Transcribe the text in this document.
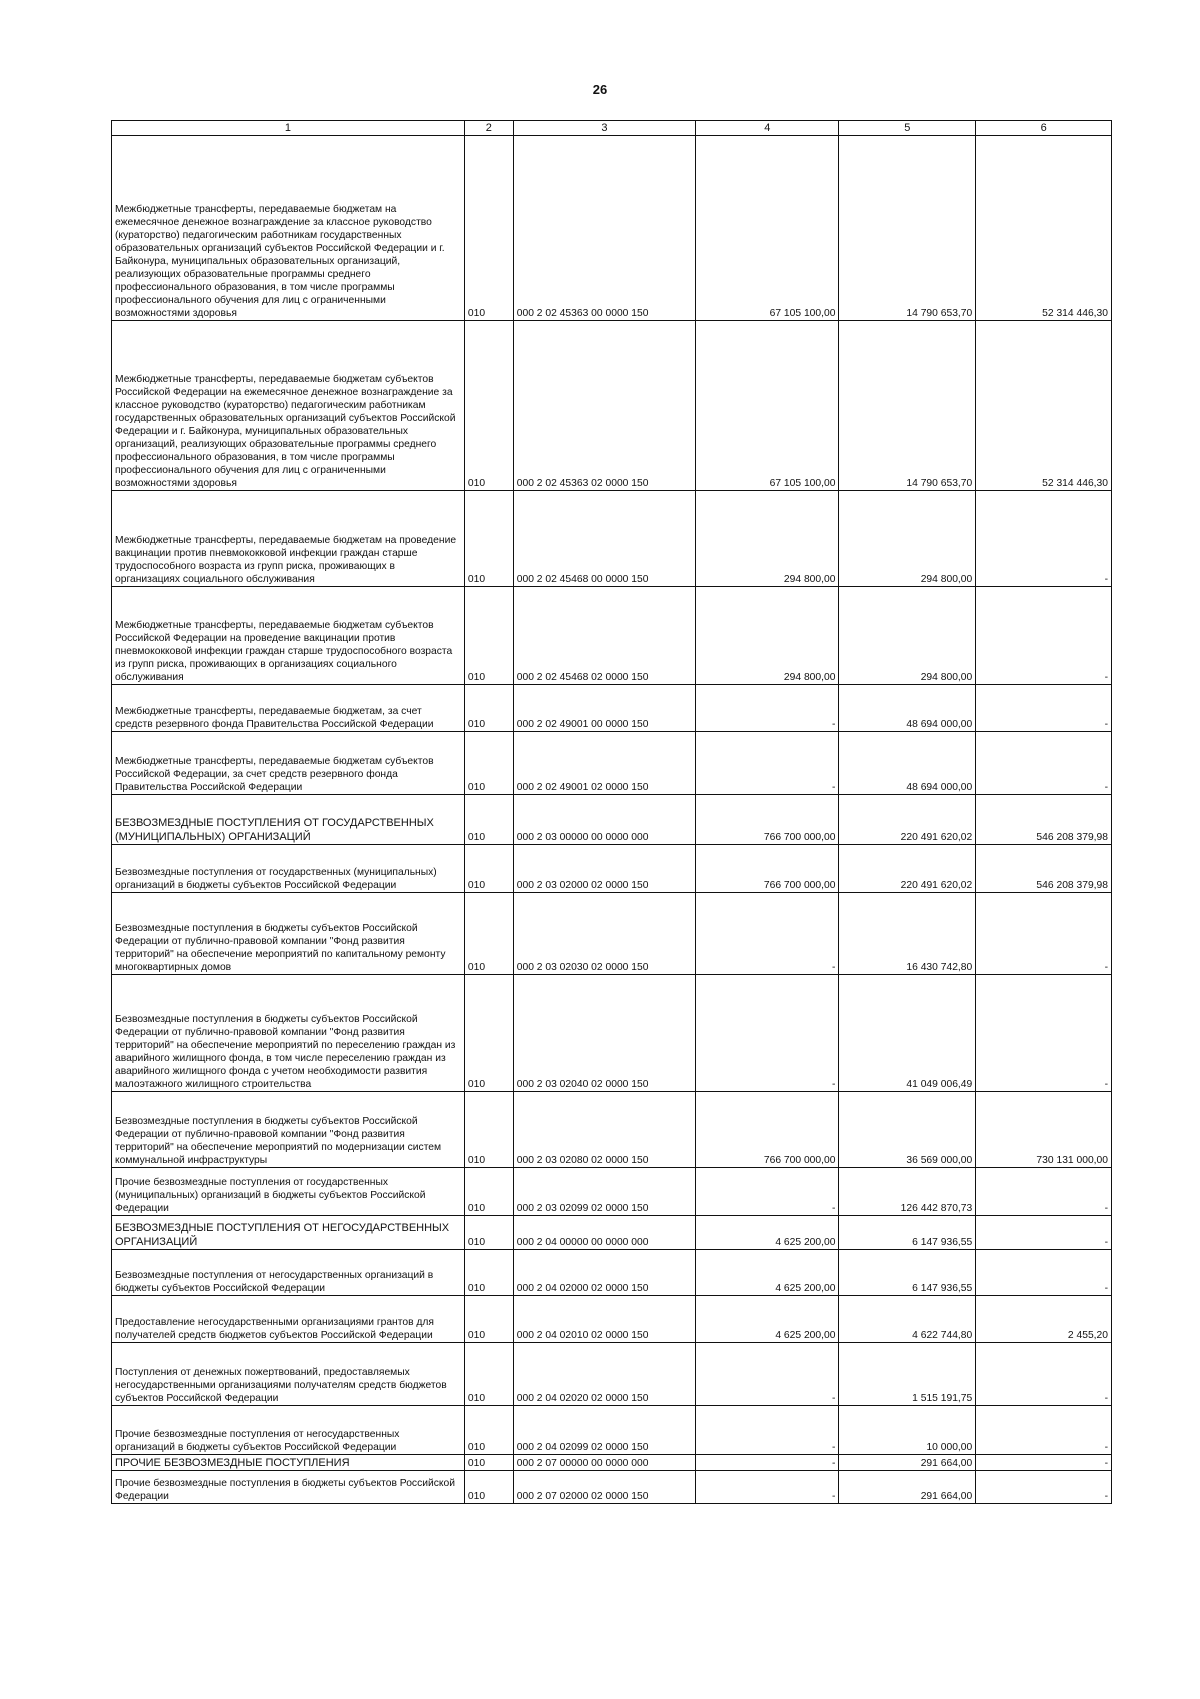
26
1	2	3	4	5	6
Межбюджетные трансферты, передаваемые бюджетам на ежемесячное денежное вознаграждение за классное руководство (кураторство) педагогическим работникам государственных образовательных организаций субъектов Российской Федерации и г. Байконура, муниципальных образовательных организаций, реализующих образовательные программы среднего профессионального образования, в том числе программы профессионального обучения для лиц с ограниченными возможностями здоровья	010	000 2 02 45363 00 0000 150	67 105 100,00	14 790 653,70	52 314 446,30
Межбюджетные трансферты, передаваемые бюджетам субъектов Российской Федерации на ежемесячное денежное вознаграждение за классное руководство (кураторство) педагогическим работникам государственных образовательных организаций субъектов Российской Федерации и г. Байконура, муниципальных образовательных организаций, реализующих образовательные программы среднего профессионального образования, в том числе программы профессионального обучения для лиц с ограниченными возможностями здоровья	010	000 2 02 45363 02 0000 150	67 105 100,00	14 790 653,70	52 314 446,30
Межбюджетные трансферты, передаваемые бюджетам на проведение вакцинации против пневмококковой инфекции граждан старше трудоспособного возраста из групп риска, проживающих в организациях социального обслуживания	010	000 2 02 45468 00 0000 150	294 800,00	294 800,00	-
Межбюджетные трансферты, передаваемые бюджетам субъектов Российской Федерации на проведение вакцинации против пневмококковой инфекции граждан старше трудоспособного возраста из групп риска, проживающих в организациях социального обслуживания	010	000 2 02 45468 02 0000 150	294 800,00	294 800,00	-
Межбюджетные трансферты, передаваемые бюджетам, за счет средств резервного фонда Правительства Российской Федерации	010	000 2 02 49001 00 0000 150	-	48 694 000,00	-
Межбюджетные трансферты, передаваемые бюджетам субъектов Российской Федерации, за счет средств резервного фонда Правительства Российской Федерации	010	000 2 02 49001 02 0000 150	-	48 694 000,00	-
БЕЗВОЗМЕЗДНЫЕ ПОСТУПЛЕНИЯ ОТ ГОСУДАРСТВЕННЫХ (МУНИЦИПАЛЬНЫХ) ОРГАНИЗАЦИЙ	010	000 2 03 00000 00 0000 000	766 700 000,00	220 491 620,02	546 208 379,98
Безвозмездные поступления от государственных (муниципальных) организаций в бюджеты субъектов Российской Федерации	010	000 2 03 02000 02 0000 150	766 700 000,00	220 491 620,02	546 208 379,98
Безвозмездные поступления в бюджеты субъектов Российской Федерации от публично-правовой компании "Фонд развития территорий" на обеспечение мероприятий по капитальному ремонту многоквартирных домов	010	000 2 03 02030 02 0000 150	-	16 430 742,80	-
Безвозмездные поступления в бюджеты субъектов Российской Федерации от публично-правовой компании "Фонд развития территорий" на обеспечение мероприятий по переселению граждан из аварийного жилищного фонда, в том числе переселению граждан из аварийного жилищного фонда с учетом необходимости развития малоэтажного жилищного строительства	010	000 2 03 02040 02 0000 150	-	41 049 006,49	-
Безвозмездные поступления в бюджеты субъектов Российской Федерации от публично-правовой компании "Фонд развития территорий" на обеспечение мероприятий по модернизации систем коммунальной инфраструктуры	010	000 2 03 02080 02 0000 150	766 700 000,00	36 569 000,00	730 131 000,00
Прочие безвозмездные поступления от государственных (муниципальных) организаций в бюджеты субъектов Российской Федерации	010	000 2 03 02099 02 0000 150	-	126 442 870,73	-
БЕЗВОЗМЕЗДНЫЕ ПОСТУПЛЕНИЯ ОТ НЕГОСУДАРСТВЕННЫХ ОРГАНИЗАЦИЙ	010	000 2 04 00000 00 0000 000	4 625 200,00	6 147 936,55	-
Безвозмездные поступления от негосударственных организаций в бюджеты субъектов Российской Федерации	010	000 2 04 02000 02 0000 150	4 625 200,00	6 147 936,55	-
Предоставление негосударственными организациями грантов для получателей средств бюджетов субъектов Российской Федерации	010	000 2 04 02010 02 0000 150	4 625 200,00	4 622 744,80	2 455,20
Поступления от денежных пожертвований, предоставляемых негосударственными организациями получателям средств бюджетов субъектов Российской Федерации	010	000 2 04 02020 02 0000 150	-	1 515 191,75	-
Прочие безвозмездные поступления от негосударственных организаций в бюджеты субъектов Российской Федерации	010	000 2 04 02099 02 0000 150	-	10 000,00	-
ПРОЧИЕ БЕЗВОЗМЕЗДНЫЕ ПОСТУПЛЕНИЯ	010	000 2 07 00000 00 0000 000	-	291 664,00	-
Прочие безвозмездные поступления в бюджеты субъектов Российской Федерации	010	000 2 07 02000 02 0000 150	-	291 664,00	-
